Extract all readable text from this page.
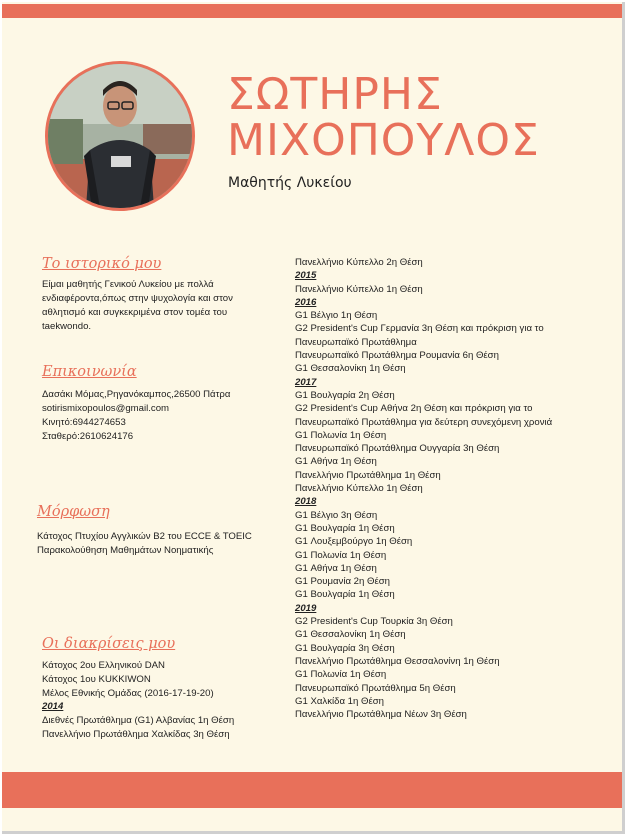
ΣΩΤΗΡΗΣ
ΜΙΧΟΠΟΥΛΟΣ
Μαθητής Λυκείου
Το ιστορικό μου
Είμαι μαθητής Γενικού Λυκείου με πολλά
ενδιαφέροντα,όπως στην ψυχολογία και στον
αθλητισμό και συγκεκριμένα στον τομέα του
taekwondo.
Επικοινωνία
Δασάκι Μόμας,Ρηγανόκαμπος,26500 Πάτρα
sotirismixopoulos@gmail.com
Κινητό:6944274653
Σταθερό:2610624176
Μόρφωση
Κάτοχος Πτυχίου Αγγλικών B2 του ECCE & TOEIC
Παρακολούθηση Μαθημάτων Νοηματικής
Οι διακρίσεις μου
Κάτοχος 2ου Ελληνικού DAN
Κάτοχος 1ου KUKKIWON
Μέλος Εθνικής Ομάδας (2016-17-19-20)
2014
Διεθνές Πρωτάθλημα (G1) Αλβανίας 1η Θέση
Πανελλήνιο Πρωτάθλημα Χαλκίδας 3η Θέση
Πανελλήνιο Κύπελλο 2η Θέση
2015
Πανελλήνιο Κύπελλο 1η Θέση
2016
G1 Βέλγιο 1η Θέση
G2 President's Cup Γερμανία 3η Θέση και πρόκριση για το
Πανευρωπαϊκό Πρωτάθλημα
Πανευρωπαϊκό Πρωτάθλημα Ρουμανία 6η Θέση
G1 Θεσσαλονίκη 1η Θέση
2017
G1 Βουλγαρία 2η Θέση
G2 President's Cup Αθήνα 2η Θέση και πρόκριση για το
Πανευρωπαϊκό Πρωτάθλημα για δεύτερη συνεχόμενη χρονιά
G1 Πολωνία 1η Θέση
Πανευρωπαϊκό Πρωτάθλημα Ουγγαρία 3η Θέση
G1 Αθήνα 1η Θέση
Πανελλήνιο Πρωτάθλημα 1η Θέση
Πανελλήνιο Κύπελλο 1η Θέση
2018
G1 Βέλγιο 3η Θέση
G1 Βουλγαρία 1η Θέση
G1 Λουξεμβούργο 1η Θέση
G1 Πολωνία 1η Θέση
G1 Αθήνα 1η Θέση
G1 Ρουμανία 2η Θέση
G1 Βουλγαρία 1η Θέση
2019
G2 President's Cup Τουρκία 3η Θέση
G1 Θεσσαλονίκη 1η Θέση
G1 Βουλγαρία 3η Θέση
Πανελλήνιο Πρωτάθλημα Θεσσαλονίνη 1η Θέση
G1 Πολωνία 1η Θέση
Πανευρωπαϊκό Πρωτάθλημα 5η Θέση
G1 Χαλκίδα 1η Θέση
Πανελλήνιο Πρωτάθλημα Νέων 3η Θέση
